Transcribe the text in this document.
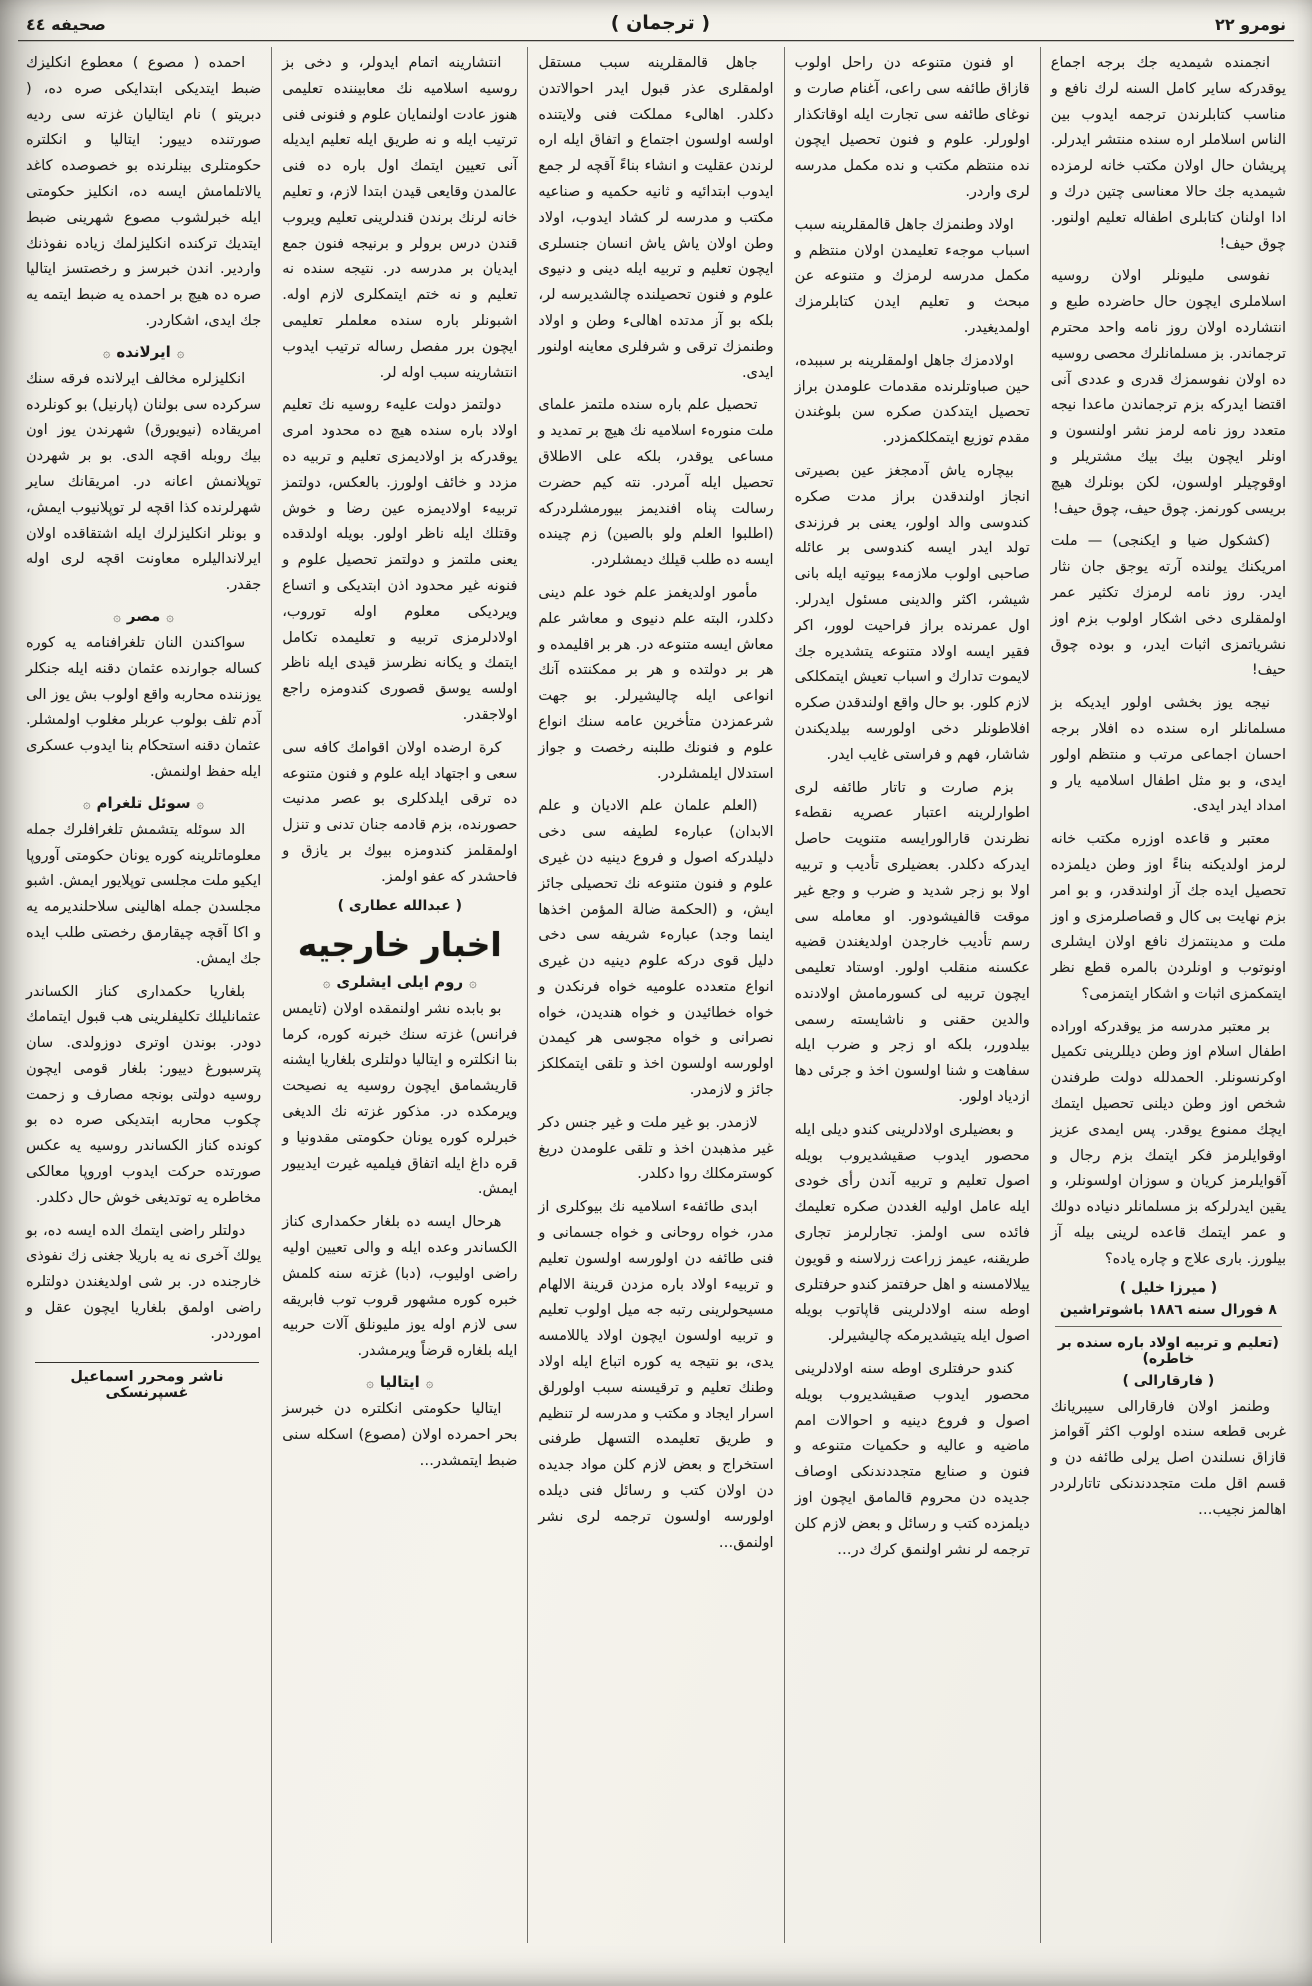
نومرو ٢٢
( ترجمان )
صحيفه ٤٤

انجمنده شيمديه جك برجه اجماع يوقدركه ساير كامل السنه لرك نافع و مناسب كتابلرندن ترجمه ايدوب بين الناس اسلاملر اره سنده منتشر ايدرلر. پريشان حال اولان مكتب خانه لرمزده شيمديه جك حالا معناسى چتين درك و ادا اولنان كتابلرى اطفاله تعليم اولنور. چوق حيف!

نفوسى مليونلر اولان روسيه اسلاملرى ايچون حال حاضرده طبع و انتشارده اولان روز نامه واحد محترم ترجماندر. بز مسلمانلرك محصى روسيه ده اولان نفوسمزك قدرى و عددى آنى اقتضا ايدركه بزم ترجماندن ماعدا نيجه متعدد روز نامه لرمز نشر اولنسون و اونلر ايچون بيك بيك مشتريلر و اوقوچيلر اولسون، لكن بونلرك هيچ بريسى كورنمز. چوق حيف، چوق حيف!

(كشكول ضيا و ايكنجى) — ملت امريكنك يولنده آرته يوجق جان نثار ايدر. روز نامه لرمزك تكثير عمر اولمقلرى دخى اشكار اولوب بزم اوز نشرياتمزى اثبات ايدر، و بوده چوق حيف!

نيجه يوز بخشى اولور ايديكه بز مسلمانلر اره سنده ده افلار برجه احسان اجماعى مرتب و منتظم اولور ايدى، و بو مثل اطفال اسلاميه يار و امداد ايدر ايدى.

معتبر و قاعده اوزره مكتب خانه لرمز اولديكنه بناءً اوز وطن ديلمزده تحصيل ايده جك آز اولندقدر، و بو امر بزم نهايت بى كال و قصاصلرمزى و اوز ملت و مدينتمزك نافع اولان ايشلرى اونوتوب و اونلردن بالمره قطع نظر ايتمكمزى اثبات و اشكار ايتمزمى؟

بر معتبر مدرسه مز يوقدركه اوراده اطفال اسلام اوز وطن ديللرينى تكميل اوكرنسونلر. الحمدلله دولت طرفندن شخص اوز وطن ديلنى تحصيل ايتمك ايچك ممنوع يوقدر. پس ايمدى عزيز اوقوايلرمز فكر ايتمك بزم رجال و آقوايلرمز كريان و سوزان اولسونلر، و يقين ايدرلركه بز مسلمانلر دنياده دولك و عمر ايتمك قاعده لرينى بيله آز بيلورز. بارى علاج و چاره ياده؟

( ميرزا خليل )
٨ فورال سنه ١٨٨٦ باشوتراشين
(تعليم و تربيه اولاد باره سنده بر خاطره)
( فارقارالى )

وطنمز اولان فارقارالى سيبريانك غربى قطعه سنده اولوب اكثر آقوامز قازاق نسلندن اصل يرلى طائفه دن و قسم اقل ملت متجددندنكى تاتارلردر اهالمز نجيب…

او فنون متنوعه دن راحل اولوب قازاق طائفه سى راعى، آغنام صارت و نوغاى طائفه سى تجارت ايله اوقاتكذار اولورلر. علوم و فنون تحصيل ايچون نده منتظم مكتب و نده مكمل مدرسه لرى واردر.

اولاد وطنمزك جاهل قالمقلرينه سبب اسباب موجهء تعليمدن اولان منتظم و مكمل مدرسه لرمزك و متنوعه عن مبحث و تعليم ايدن كتابلرمزك اولمديغيدر.

اولادمزك جاهل اولمقلرينه بر سببده، حين صباوتلرنده مقدمات علومدن براز تحصيل ايتدكدن صكره سن بلوغندن مقدم توزيع ايتمكلكمزدر.

بيچاره ياش آدمجغز عين بصيرتى انجاز اولندقدن براز مدت صكره كندوسى والد اولور، يعنى بر فرزندى تولد ايدر ايسه كندوسى بر عائله صاحبى اولوب ملازمهء بيوتيه ايله بانى شيشر، اكثر والدينى مسئول ايدرلر. اول عمرنده براز فراحيت لوور، اكر فقير ايسه اولاد متنوعه يتشديره جك لايموت تدارك و اسباب تعيش ايتمكلكى لازم كلور. بو حال واقع اولندقدن صكره افلاطونلر دخى اولورسه بيلديكندن شاشار، فهم و فراستى غايب ايدر.

بزم صارت و تاتار طائفه لرى اطوارلرينه اعتبار عصريه نقطهء نظرندن قارالورايسه متنويت حاصل ايدركه دكلدر. بعضيلرى تأديب و تربيه اولا بو زجر شديد و ضرب و وجع غير موقت قالفيشودور. او معامله سى رسم تأديب خارجدن اولديغندن قضيه عكسنه منقلب اولور. اوستاد تعليمى ايچون تربيه لى كسورمامش اولادنده والدين حقنى و ناشايسته رسمى بيلدورر، بلكه او زجر و ضرب ايله سفاهت و شنا اولسون اخذ و جرئى دها ازدياد اولور.

و بعضيلرى اولادلرينى كندو ديلى ايله محصور ايدوب صقيشديروب بويله اصول تعليم و تربيه آندن رأى خودى ايله عامل اوليه الغددن صكره تعليمك فائده سى اولمز. تجارلرمز تجارى طريقنه، عيمز زراعت زرلاسنه و قويون ييلالامسنه و اهل حرفتمز كندو حرفتلرى اوطه سنه اولادلرينى قاپاتوب بويله اصول ايله يتيشديرمكه چاليشيرلر.

كندو حرفتلرى اوطه سنه اولادلرينى محصور ايدوب صقيشديروب بويله اصول و فروع دينيه و احوالات امم ماضيه و عاليه و حكميات متنوعه و فنون و صنايع متجددندنكى اوصاف جديده دن محروم قالمامق ايچون اوز ديلمزده كتب و رسائل و بعض لازم كلن ترجمه لر نشر اولنمق كرك در…

جاهل قالمقلرينه سبب مستقل اولمقلرى عذر قبول ايدر احوالاتدن دكلدر. اهالىء مملكت فنى ولايتنده اولسه اولسون اجتماع و اتفاق ايله اره لرندن عقليت و انشاء بناءً آقچه لر جمع ايدوب ابتدائيه و ثانيه حكميه و صناعيه مكتب و مدرسه لر كشاد ايدوب، اولاد وطن اولان ياش ياش انسان جنسلرى ايچون تعليم و تربيه ايله دينى و دنيوى علوم و فنون تحصيلنده چالشديرسه لر، بلكه بو آز مدتده اهالىء وطن و اولاد وطنمزك ترقى و شرفلرى معاينه اولنور ايدى.

تحصيل علم باره سنده ملتمز علماى ملت منورهء اسلاميه نك هيچ بر تمديد و مساعى يوقدر، بلكه على الاطلاق تحصيل ايله آمردر. نته كيم حضرت رسالت پناه افنديمز بيورمشلردركه (اطلبوا العلم ولو بالصين) زم چينده ايسه ده طلب قيلك ديمشلردر.

مأمور اولديغمز علم خود علم دينى دكلدر، البته علم دنيوى و معاشر علم معاش ايسه متنوعه در. هر بر اقليمده و هر بر دولتده و هر بر ممكنتده آنك انواعى ايله چاليشيرلر. بو جهت شرعمزدن متأخرين عامه سنك انواع علوم و فنونك طلبنه رخصت و جواز استدلال ايلمشلردر.

(العلم علمان علم الاديان و علم الابدان) عبارهء لطيفه سى دخى دليلدركه اصول و فروع دينيه دن غيرى علوم و فنون متنوعه نك تحصيلى جائز ايش، و (الحكمة ضالة المؤمن اخذها اينما وجد) عبارهء شريفه سى دخى دليل قوى دركه علوم دينيه دن غيرى انواع متعدده علوميه خواه فرنكدن و خواه خطائيدن و خواه هنديدن، خواه نصرانى و خواه مجوسى هر كيمدن اولورسه اولسون اخذ و تلقى ايتمكلكز جائز و لازمدر.

لازمدر. بو غير ملت و غير جنس دكر غير مذهبدن اخذ و تلقى علومدن دريغ كوسترمكلك روا دكلدر.

ابدى طائفهء اسلاميه نك بيوكلرى از مدر، خواه روحانى و خواه جسمانى و فنى طائفه دن اولورسه اولسون تعليم و تربيهء اولاد باره مزدن قرينة الالهام مسيحولرينى رتبه جه ميل اولوب تعليم و تربيه اولسون ايچون اولاد ياللامسه يدى، بو نتيجه يه كوره اتباع ايله اولاد وطنك تعليم و ترقيسنه سبب اولورلق اسرار ايجاد و مكتب و مدرسه لر تنظيم و طريق تعليمده التسهل طرفنى استخراج و بعض لازم كلن مواد جديده دن اولان كتب و رسائل فنى ديلده اولورسه اولسون ترجمه لرى نشر اولنمق…

انتشارينه اتمام ايدولر، و دخى بز روسيه اسلاميه نك معابيننده تعليمى هنوز عادت اولنمايان علوم و فنونى فنى ترتيب ايله و نه طريق ايله تعليم ايديله آنى تعيين ايتمك اول باره ده فنى عالمدن وقايعى قيدن ابتدا لازم، و تعليم خانه لرنك برندن قندلرينى تعليم ويروب قندن درس برولر و برنيجه فنون جمع ايديان بر مدرسه در. نتيجه سنده نه تعليم و نه ختم ايتمكلرى لازم اوله. اشبونلر باره سنده معلملر تعليمى ايچون برر مفصل رساله ترتيب ايدوب انتشارينه سبب اوله لر.

دولتمز دولت عليهء روسيه نك تعليم اولاد باره سنده هيچ ده محدود امرى يوقدركه بز اولاديمزى تعليم و تربيه ده مزدد و خائف اولورز. بالعكس، دولتمز تربيهء اولاديمزه عين رضا و خوش وقتلك ايله ناظر اولور. بويله اولدقده يعنى ملتمز و دولتمز تحصيل علوم و فنونه غير محدود اذن ابتديكى و اتساع ويرديكى معلوم اوله توروب، اولادلرمزى تربيه و تعليمده تكامل ايتمك و يكانه نظرسز قيدى ايله ناظر اولسه يوسق قصورى كندومزه راجع اولاجقدر.

كرة ارضده اولان اقوامك كافه سى سعى و اجتهاد ايله علوم و فنون متنوعه ده ترقى ايلدكلرى بو عصر مدنيت حصورنده، بزم قادمه جنان تدنى و تنزل اولمقلمز كندومزه بيوك بر يازق و فاحشدر كه عفو اولمز.

( عبدالله عطارى )
اخبار خارجيه
۞روم ايلى ايشلرى۞

بو بابده نشر اولنمقده اولان (تايمس فرانس) غزته سنك خبرنه كوره، كرما بنا انكلتره و ايتاليا دولتلرى بلغاريا ايشنه قاريشمامق ايچون روسيه يه نصيحت ويرمكده در. مذكور غزته نك الديغى خبرلره كوره يونان حكومتى مقدونيا و قره داغ ايله اتفاق فيلميه غيرت ايدييور ايمش.

هرحال ايسه ده بلغار حكمدارى كناز الكساندر وعده ايله و والى تعيين اوليه راضى اوليوب، (دبا) غزته سنه كلمش خبره كوره مشهور قروب توب فابريقه سى لازم اوله يوز مليونلق آلات حربيه ايله بلغاره قرضاً ويرمشدر.

۞ايتاليا۞

ايتاليا حكومتى انكلتره دن خبرسز بحر احمرده اولان (مصوع) اسكله سنى ضبط ايتمشدر…

احمده ( مصوع ) معطوع انكليزك ضبط ايتديكى ابتدايكى صره ده، ( دبريتو ) نام ايتاليان غزته سى رديه صورتنده دييور: ايتاليا و انكلتره حكومتلرى بينلرنده بو خصوصده كاغد يالاتلمامش ايسه ده، انكليز حكومتى ايله خبرلشوب مصوع شهرينى ضبط ايتديك تركنده انكليزلمك زياده نفوذنك واردير. اندن خبرسز و رخصتسز ايتاليا صره ده هيچ بر احمده يه ضبط ايتمه يه جك ايدى، اشكاردر.

۞ايرلانده۞

انكليزلره مخالف ايرلانده فرقه سنك سركرده سى بولنان (پارنيل) بو كونلرده امريقاده (نيويورق) شهرندن يوز اون بيك روبله اقچه الدى. بو بر شهردن توپلانمش اعانه در. امريقانك ساير شهرلرنده كذا اقچه لر توپلانيوب ايمش، و بونلر انكليزلرك ايله اشتقاقده اولان ايرلانداليلره معاونت اقچه لرى اوله جقدر.

۞مصر۞

سواكندن النان تلغرافنامه يه كوره كساله جوارنده عثمان دقنه ايله جنكلر يوزننده محاربه واقع اولوب بش يوز الى آدم تلف بولوب عربلر مغلوب اولمشلر. عثمان دقنه استحكام بنا ايدوب عسكرى ايله حفظ اولنمش.

۞سوئل تلغرام۞

الد سوئله يتشمش تلغرافلرك جمله معلوماتلرينه كوره يونان حكومتى آوروپا ايكيو ملت مجلسى توپلايور ايمش. اشبو مجلسدن جمله اهالينى سلاحلنديرمه يه و اكا آقچه چيقارمق رخصتى طلب ايده جك ايمش.

بلغاريا حكمدارى كناز الكساندر عثمانليلك تكليفلرينى هب قبول ايتمامك دودر. بوندن اوترى دوزولدى. سان پترسبورغ دييور: بلغار قومى ايچون روسيه دولتى بونجه مصارف و زحمت چكوب محاربه ابتديكى صره ده بو كونده كناز الكساندر روسيه يه عكس صورتده حركت ايدوب اوروپا معالكى مخاطره يه توتديغى خوش حال دكلدر.

دولتلر راضى ايتمك الده ايسه ده، بو يولك آخرى نه يه باريلا جغنى زك نفوذى خارجنده در. بر شى اولديغندن دولتلره راضى اولمق بلغاريا ايچون عقل و امورددر.

ناشر ومحرر اسماعيل غسپرنسكى
